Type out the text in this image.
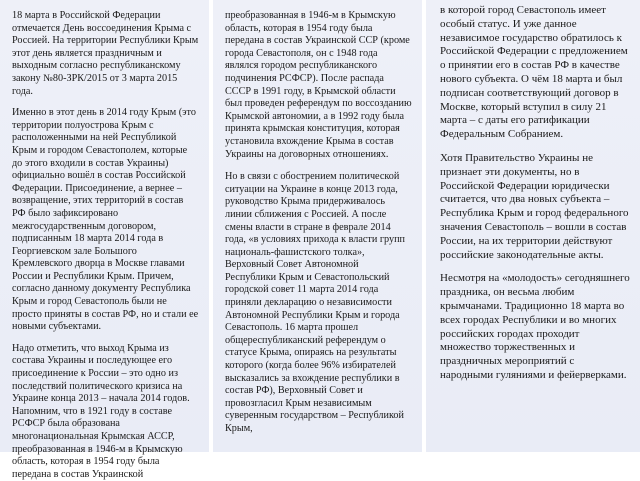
18 марта в Российской Федерации отмечается День воссоединения Крыма с Россией. На территории Республики Крым этот день является праздничным и выходным согласно республиканскому закону №80-ЗРК/2015 от 3 марта 2015 года.

Именно в этот день в 2014 году Крым (это территории полуострова Крым с расположенными на ней Республикой Крым и городом Севастополем, которые до этого входили в состав Украины) официально вошёл в состав Российской Федерации. Присоединение, а вернее – возвращение, этих территорий в состав РФ было зафиксировано межгосударственным договором, подписанным 18 марта 2014 года в Георгиевском зале Большого Кремлевского дворца в Москве главами России и Республики Крым. Причем, согласно данному документу Республика Крым и город Севастополь были не просто приняты в состав РФ, но и стали ее новыми субъектами.

Надо отметить, что выход Крыма из состава Украины и последующее его присоединение к России – это одно из последствий политического кризиса на Украине конца 2013 – начала 2014 годов. Напомним, что в 1921 году в составе РСФСР была образована многонациональная Крымская АССР, преобразованная в 1946-м в Крымскую область, которая в 1954 году была передана в состав Украинской

преобразованная в 1946-м в Крымскую область, которая в 1954 году была передана в состав Украинской ССР (кроме города Севастополя, он с 1948 года являлся городом республиканского подчинения РСФСР). После распада СССР в 1991 году, в Крымской области был проведен референдум по воссозданию Крымской автономии, а в 1992 году была принята крымская конституция, которая установила вхождение Крыма в состав Украины на договорных отношениях.

Но в связи с обострением политической ситуации на Украине в конце 2013 года, руководство Крыма придерживалось линии сближения с Россией. А после смены власти в стране в феврале 2014 года, «в условиях прихода к власти групп националь-фашистского толка», Верховный Совет Автономной Республики Крым и Севастопольский городской совет 11 марта 2014 года приняли декларацию о независимости Автономной Республики Крым и города Севастополь. 16 марта прошел общереспубликанский референдум о статусе Крыма, опираясь на результаты которого (когда более 96% избирателей высказались за вхождение республики в состав РФ), Верховный Совет и провозгласил Крым независимым суверенным государством – Республикой Крым,

в которой город Севастополь имеет особый статус. И уже данное независимое государство обратилось к Российской Федерации с предложением о принятии его в состав РФ в качестве нового субъекта. О чём 18 марта и был подписан соответствующий договор в Москве, который вступил в силу 21 марта – с даты его ратификации Федеральным Собранием.

Хотя Правительство Украины не признает эти документы, но в Российской Федерации юридически считается, что два новых субъекта – Республика Крым и город федерального значения Севастополь – вошли в состав России, на их территории действуют российские законодательные акты.

Несмотря на «молодость» сегодняшнего праздника, он весьма любим крымчанами. Традиционно 18 марта во всех городах Республики и во многих российских городах проходит множество торжественных и праздничных мероприятий с народными гуляниями и фейерверками.
